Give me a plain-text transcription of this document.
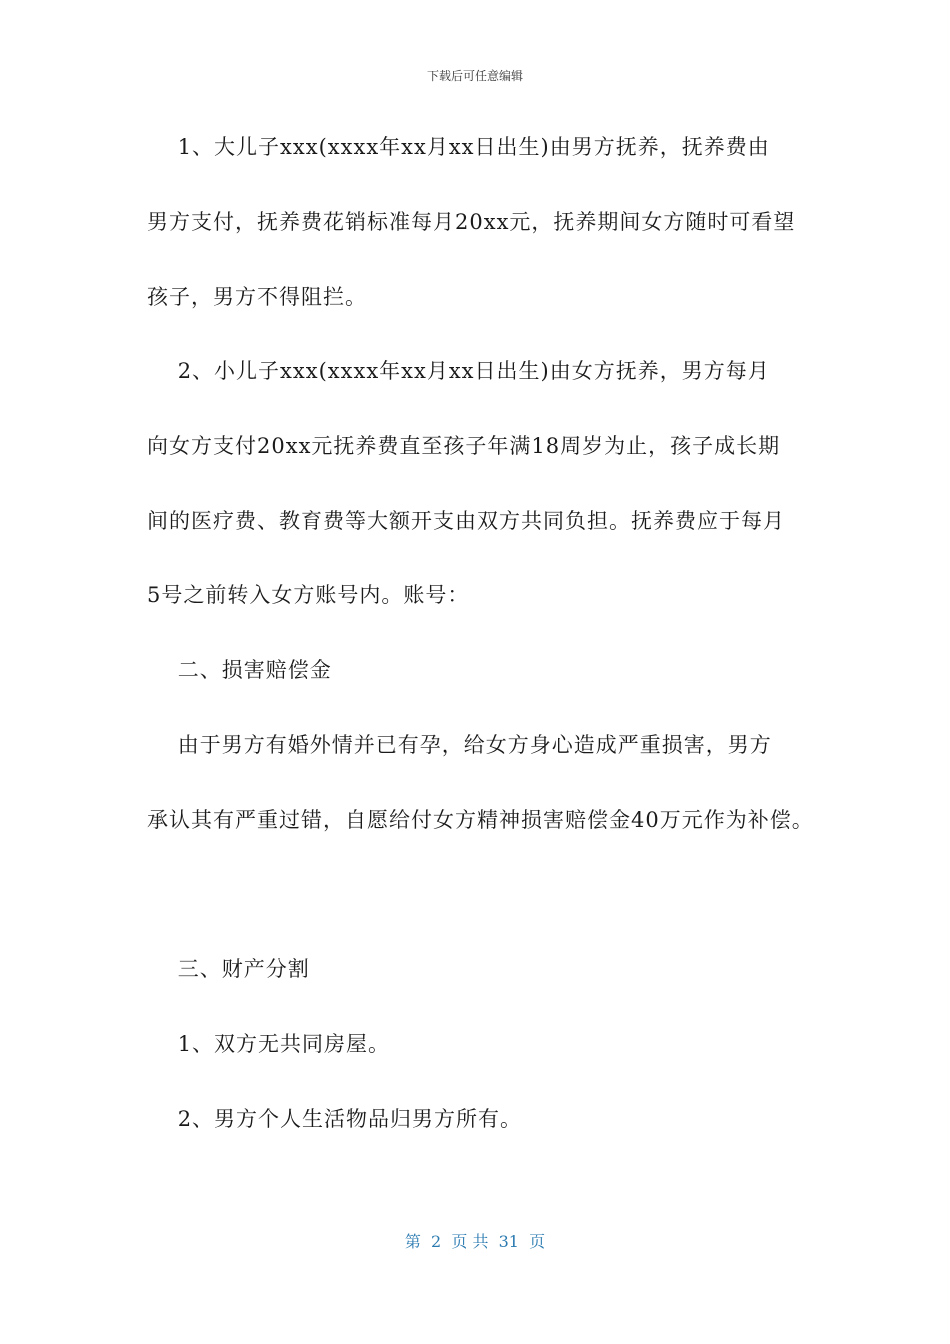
下载后可任意编辑
1、大儿子xxx(xxxx年xx月xx日出生)由男方抚养，抚养费由
男方支付，抚养费花销标准每月20xx元，抚养期间女方随时可看望
孩子，男方不得阻拦。
2、小儿子xxx(xxxx年xx月xx日出生)由女方抚养，男方每月
向女方支付20xx元抚养费直至孩子年满18周岁为止，孩子成长期
间的医疗费、教育费等大额开支由双方共同负担。抚养费应于每月
5号之前转入女方账号内。账号：
二、损害赔偿金
由于男方有婚外情并已有孕，给女方身心造成严重损害，男方
承认其有严重过错，自愿给付女方精神损害赔偿金40万元作为补偿。
三、财产分割
1、双方无共同房屋。
2、男方个人生活物品归男方所有。
第  2  页 共  31  页
